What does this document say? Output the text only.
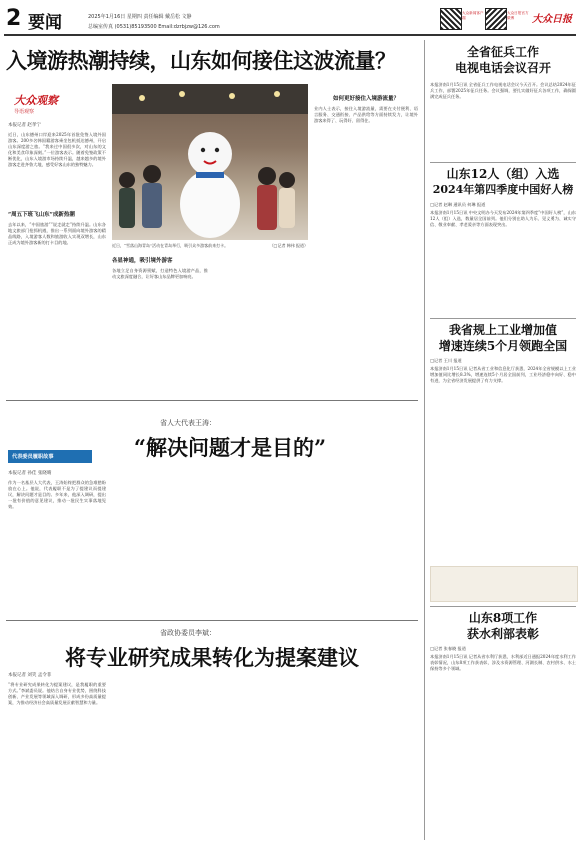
2 要闻	2025年1月16日 星期四 责任编辑 戴岳松 文静
总编室传真 (0531)85193500 Email:dzrbjzw@126.com
大众新闻客户端
大众日报官方微博	大众日报
入境游热潮持续，山东如何接住这波流量？
大众观察
导语观察
本报记者 赵孝宁
近日，山东德州口岸迎来2025年首批免签入境外国游客。200多名韩国籍游客乘坐包机抵达德州，开启山东深度游之旅。“我来过中国很多次，对山东的文化和美食印象深刻。”一位游客表示。随着免签政策不断优化，山东入境游市场持续升温，越来越多的境外游客走进齐鲁大地，感受好客山东的独特魅力。
“周五下班飞山东”成新热潮
去年以来，“中国旅游”“说走就走”持续升温。山东各地文旅部门抢抓机遇，推出一系列面向境外游客的精品线路，入境游客人数和旅游收入实现双增长，山东正成为境外游客新的打卡目的地。
近日，“雪落山海青岛”活动在青岛举行，吸引众多游客前来打卡。
各显神通，吸引境外游客
各地立足自身资源禀赋，打造特色入境游产品，推动文旅深度融合，让好客山东品牌更加响亮。
（□记者 韩伟 报道）
如何更好接住入境游流量？
业内人士表示，接住入境游流量，需要在支付便利、语言服务、交通衔接、产品供给等方面持续发力，让境外游客来得了、玩得好、留得住。
省人大代表王涛：
“解决问题才是目的”
代表委员履职故事
本报记者 孙佳 张晓晴
作为一名基层人大代表，王涛始终把群众的急难愁盼放在心上。他说，代表履职不是为了提建议而提建议，解决问题才是目的。多年来，他深入调研，提出一批有价值的意见建议，推动一批民生实事落地见效。
省政协委员李斌：
将专业研究成果转化为提案建议
本报记者 刘笑 孟令菲
“将专业研究成果转化为提案建议，是我履职的重要方式。”李斌委员说。他结合自身专业优势，围绕科技创新、产业发展等领域深入调研，形成多份高质量提案，为推动经济社会高质量发展贡献智慧和力量。
全省征兵工作
电视电话会议召开
本报济南1月15日讯 全省征兵工作电视电话会议今天召开。会议总结2024年征兵工作，部署2025年征兵任务。会议强调，要扎实做好征兵各项工作，确保圆满完成征兵任务。
山东12人（组）入选
2024年第四季度中国好人榜
□记者 赵琳 通讯员 何琳 报道
本报济南1月15日讯 中央文明办今天发布2024年第四季度“中国好人榜”，山东12人（组）入选，数量居全国前列。他们分别在助人为乐、见义勇为、诚实守信、敬业奉献、孝老爱亲等方面表现突出。
我省规上工业增加值
增速连续5个月领跑全国
□记者 王川 报道
本报济南1月15日讯 记者从省工业和信息化厅获悉，2024年全省规模以上工业增加值同比增长8.3%，增速连续5个月居全国前列，工业经济稳中向好、稳中有进，为全省经济发展提供了有力支撑。
山东8项工作
获水利部表彰
□记者 张春晓 报道
本报济南1月15日讯 记者从省水利厅获悉，水利部近日通报2024年度水利工作表彰情况，山东8项工作获表彰，涉及水资源管理、河湖长制、农村供水、水土保持等多个领域。
